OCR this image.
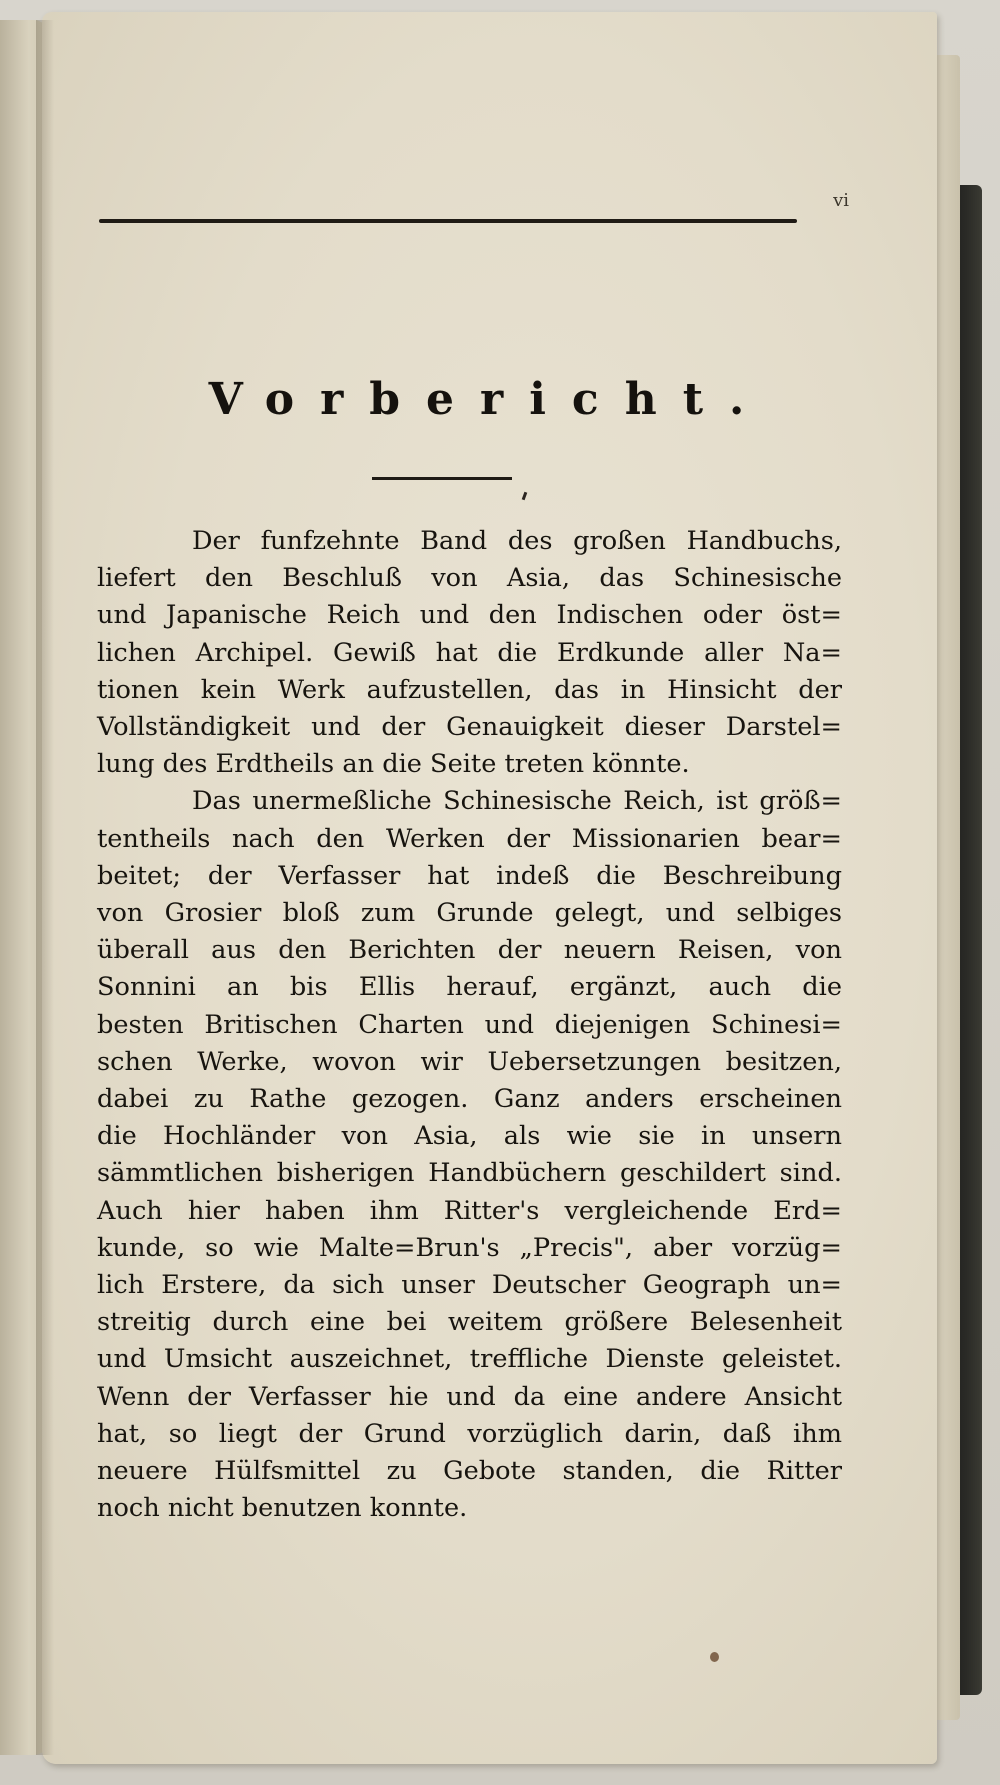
vi
Vorbericht.
Der funfzehnte Band des großen Handbuchs,
liefert den Beschluß von Asia, das Schinesische
und Japanische Reich und den Indischen oder öst=
lichen Archipel. Gewiß hat die Erdkunde aller Na=
tionen kein Werk aufzustellen, das in Hinsicht der
Vollständigkeit und der Genauigkeit dieser Darstel=
lung des Erdtheils an die Seite treten könnte.
Das unermeßliche Schinesische Reich, ist größ=
tentheils nach den Werken der Missionarien bear=
beitet; der Verfasser hat indeß die Beschreibung
von Grosier bloß zum Grunde gelegt, und selbiges
überall aus den Berichten der neuern Reisen, von
Sonnini an bis Ellis herauf, ergänzt, auch die
besten Britischen Charten und diejenigen Schinesi=
schen Werke, wovon wir Uebersetzungen besitzen,
dabei zu Rathe gezogen. Ganz anders erscheinen
die Hochländer von Asia, als wie sie in unsern
sämmtlichen bisherigen Handbüchern geschildert sind.
Auch hier haben ihm Ritter's vergleichende Erd=
kunde, so wie Malte=Brun's „Precis", aber vorzüg=
lich Erstere, da sich unser Deutscher Geograph un=
streitig durch eine bei weitem größere Belesenheit
und Umsicht auszeichnet, treffliche Dienste geleistet.
Wenn der Verfasser hie und da eine andere Ansicht
hat, so liegt der Grund vorzüglich darin, daß ihm
neuere Hülfsmittel zu Gebote standen, die Ritter
noch nicht benutzen konnte.
